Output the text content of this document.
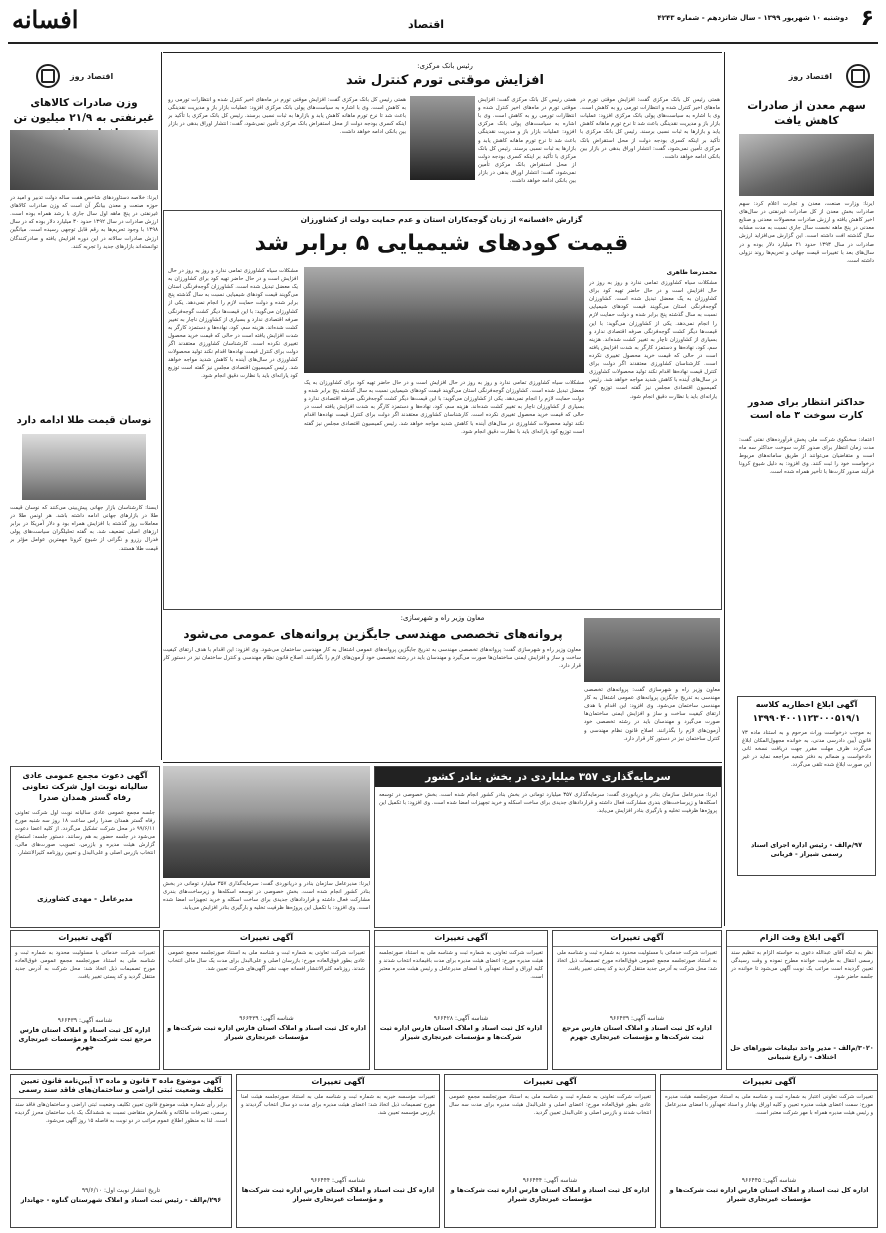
۶
دوشنبه ۱۰ شهریور ۱۳۹۹ - سال شانزدهم - شماره ۴۲۴۳
اقتصاد
افسانه
اقتصاد روز
سهم معدن از صادرات کاهش یافت
ایرنا: وزارت صنعت، معدن و تجارت اعلام کرد: سهم صادرات بخش معدن از کل صادرات غیرنفتی در سال‌های اخیر کاهش یافته و ارزش صادرات محصولات معدنی و صنایع معدنی در پنج ماهه نخست سال جاری نسبت به مدت مشابه سال گذشته افت داشته است. این گزارش می‌افزاید ارزش صادرات در سال ۱۳۹۳ حدود ۲۱ میلیارد دلار بوده و در سال‌های بعد با تغییرات قیمت جهانی و تحریم‌ها روند نزولی داشته است.
حداکثر انتظار برای صدور کارت سوخت ۳ ماه است
اعتماد: سخنگوی شرکت ملی پخش فرآورده‌های نفتی گفت: مدت زمان انتظار برای صدور کارت سوخت حداکثر سه ماه است و متقاضیان می‌توانند از طریق سامانه‌های مربوط درخواست خود را ثبت کنند. وی افزود: به دلیل شیوع کرونا فرآیند صدور کارت‌ها با تأخیر همراه شده است.
آگهی ابلاغ اخطاریه کلاسه
۱۳۹۹۰۴۰۰۱۱۲۳۰۰۰۵۱۹/۱
به موجب درخواست وراث مرحوم و به استناد ماده ۷۳ قانون آیین دادرسی مدنی، به خوانده مجهول‌المکان ابلاغ می‌گردد ظرف مهلت مقرر جهت دریافت نسخه ثانی دادخواست و ضمائم به دفتر شعبه مراجعه نماید در غیر این صورت ابلاغ شده تلقی می‌گردد.
۹۷/م‌الف - رئیس اداره اجرای اسناد رسمی شیراز - قربانی
رئیس بانک مرکزی:
افزایش موقتی تورم کنترل شد
همتی رئیس کل بانک مرکزی گفت: افزایش موقتی تورم در ماه‌های اخیر کنترل شده و انتظارات تورمی رو به کاهش است. وی با اشاره به سیاست‌های پولی بانک مرکزی افزود: عملیات بازار باز و مدیریت نقدینگی باعث شد تا نرخ تورم ماهانه کاهش یابد و بازارها به ثبات نسبی برسند. رئیس کل بانک مرکزی با تأکید بر اینکه کسری بودجه دولت از محل استقراض بانک مرکزی تأمین نمی‌شود، گفت: انتشار اوراق بدهی در بازار بین بانکی ادامه خواهد داشت.
همتی رئیس کل بانک مرکزی گفت: افزایش موقتی تورم در ماه‌های اخیر کنترل شده و انتظارات تورمی رو به کاهش است. وی با اشاره به سیاست‌های پولی بانک مرکزی افزود: عملیات بازار باز و مدیریت نقدینگی باعث شد تا نرخ تورم ماهانه کاهش یابد و بازارها به ثبات نسبی برسند. رئیس کل بانک مرکزی با تأکید بر اینکه کسری بودجه دولت از محل استقراض بانک مرکزی تأمین نمی‌شود، گفت: انتشار اوراق بدهی در بازار بین بانکی ادامه خواهد داشت.
همتی رئیس کل بانک مرکزی گفت: افزایش موقتی تورم در ماه‌های اخیر کنترل شده و انتظارات تورمی رو به کاهش است. وی با اشاره به سیاست‌های پولی بانک مرکزی افزود: عملیات بازار باز و مدیریت نقدینگی باعث شد تا نرخ تورم ماهانه کاهش یابد و بازارها به ثبات نسبی برسند. رئیس کل بانک مرکزی با تأکید بر اینکه کسری بودجه دولت از محل استقراض بانک مرکزی تأمین نمی‌شود، گفت: انتشار اوراق بدهی در بازار بین بانکی ادامه خواهد داشت.
اقتصاد روز
وزن صادرات کالاهای غیرنفتی به ۲۱/۹ میلیون تن
ایرنا: خلاصه دستاوردهای شاخص هفت ساله دولت تدبیر و امید در حوزه صنعت و معدن بیانگر آن است که وزن صادرات کالاهای غیرنفتی در پنج ماهه اول سال جاری با رشد همراه بوده است. ارزش صادرات در سال ۱۳۹۲ حدود ۳۰ میلیارد دلار بوده که در سال ۱۳۹۸ با وجود تحریم‌ها به رقم قابل توجهی رسیده است. میانگین ارزش صادرات سالانه در این دوره افزایش یافته و صادرکنندگان توانسته‌اند بازارهای جدید را تجربه کنند.
نوسان قیمت طلا ادامه دارد
ایسنا: کارشناسان بازار جهانی پیش‌بینی می‌کنند که نوسان قیمت طلا در بازارهای جهانی ادامه داشته باشد. هر اونس طلا در معاملات روز گذشته با افزایش همراه بود و دلار آمریکا در برابر ارزهای اصلی تضعیف شد. به گفته تحلیلگران سیاست‌های پولی فدرال رزرو و نگرانی از شیوع کرونا مهمترین عوامل مؤثر بر قیمت طلا هستند.
گزارش «افسانه» از زبان گوجه‌کاران استان و عدم حمایت دولت از کشاورزان
قیمت کودهای شیمیایی ۵ برابر شد
محمدرضا طاهری
مشکلات سیاه کشاورزی تمامی ندارد و روز به روز در حال افزایش است و در حال حاضر تهیه کود برای کشاورزان به یک معضل تبدیل شده است. کشاورزان گوجه‌فرنگی استان می‌گویند قیمت کودهای شیمیایی نسبت به سال گذشته پنج برابر شده و دولت حمایت لازم را انجام نمی‌دهد. یکی از کشاورزان می‌گوید: با این قیمت‌ها دیگر کشت گوجه‌فرنگی صرفه اقتصادی ندارد و بسیاری از کشاورزان ناچار به تغییر کشت شده‌اند. هزینه سم، کود، نهاده‌ها و دستمزد کارگر به شدت افزایش یافته است در حالی که قیمت خرید محصول تغییری نکرده است. کارشناسان کشاورزی معتقدند اگر دولت برای کنترل قیمت نهاده‌ها اقدام نکند تولید محصولات کشاورزی در سال‌های آینده با کاهش شدید مواجه خواهد شد. رئیس کمیسیون اقتصادی مجلس نیز گفته است توزیع کود یارانه‌ای باید با نظارت دقیق انجام شود.
مشکلات سیاه کشاورزی تمامی ندارد و روز به روز در حال افزایش است و در حال حاضر تهیه کود برای کشاورزان به یک معضل تبدیل شده است. کشاورزان گوجه‌فرنگی استان می‌گویند قیمت کودهای شیمیایی نسبت به سال گذشته پنج برابر شده و دولت حمایت لازم را انجام نمی‌دهد. یکی از کشاورزان می‌گوید: با این قیمت‌ها دیگر کشت گوجه‌فرنگی صرفه اقتصادی ندارد و بسیاری از کشاورزان ناچار به تغییر کشت شده‌اند. هزینه سم، کود، نهاده‌ها و دستمزد کارگر به شدت افزایش یافته است در حالی که قیمت خرید محصول تغییری نکرده است. کارشناسان کشاورزی معتقدند اگر دولت برای کنترل قیمت نهاده‌ها اقدام نکند تولید محصولات کشاورزی در سال‌های آینده با کاهش شدید مواجه خواهد شد. رئیس کمیسیون اقتصادی مجلس نیز گفته است توزیع کود یارانه‌ای باید با نظارت دقیق انجام شود.
مشکلات سیاه کشاورزی تمامی ندارد و روز به روز در حال افزایش است و در حال حاضر تهیه کود برای کشاورزان به یک معضل تبدیل شده است. کشاورزان گوجه‌فرنگی استان می‌گویند قیمت کودهای شیمیایی نسبت به سال گذشته پنج برابر شده و دولت حمایت لازم را انجام نمی‌دهد. یکی از کشاورزان می‌گوید: با این قیمت‌ها دیگر کشت گوجه‌فرنگی صرفه اقتصادی ندارد و بسیاری از کشاورزان ناچار به تغییر کشت شده‌اند. هزینه سم، کود، نهاده‌ها و دستمزد کارگر به شدت افزایش یافته است در حالی که قیمت خرید محصول تغییری نکرده است. کارشناسان کشاورزی معتقدند اگر دولت برای کنترل قیمت نهاده‌ها اقدام نکند تولید محصولات کشاورزی در سال‌های آینده با کاهش شدید مواجه خواهد شد. رئیس کمیسیون اقتصادی مجلس نیز گفته است توزیع کود یارانه‌ای باید با نظارت دقیق انجام شود.
معاون وزیر راه و شهرسازی:
پروانه‌های تخصصی مهندسی جایگزین پروانه‌های عمومی می‌شود
معاون وزیر راه و شهرسازی گفت: پروانه‌های تخصصی مهندسی به تدریج جایگزین پروانه‌های عمومی اشتغال به کار مهندسی ساختمان می‌شود. وی افزود: این اقدام با هدف ارتقای کیفیت ساخت و ساز و افزایش ایمنی ساختمان‌ها صورت می‌گیرد و مهندسان باید در رشته تخصصی خود آزمون‌های لازم را بگذرانند. اصلاح قانون نظام مهندسی و کنترل ساختمان نیز در دستور کار قرار دارد.
معاون وزیر راه و شهرسازی گفت: پروانه‌های تخصصی مهندسی به تدریج جایگزین پروانه‌های عمومی اشتغال به کار مهندسی ساختمان می‌شود. وی افزود: این اقدام با هدف ارتقای کیفیت ساخت و ساز و افزایش ایمنی ساختمان‌ها صورت می‌گیرد و مهندسان باید در رشته تخصصی خود آزمون‌های لازم را بگذرانند. اصلاح قانون نظام مهندسی و کنترل ساختمان نیز در دستور کار قرار دارد.
سرمایه‌گذاری ۳۵۷ میلیاردی در بخش بنادر کشور
ایرنا: مدیرعامل سازمان بنادر و دریانوردی گفت: سرمایه‌گذاری ۳۵۷ میلیارد تومانی در بخش بنادر کشور انجام شده است. بخش خصوصی در توسعه اسکله‌ها و زیرساخت‌های بندری مشارکت فعال داشته و قراردادهای جدیدی برای ساخت اسکله و خرید تجهیزات امضا شده است. وی افزود: با تکمیل این پروژه‌ها ظرفیت تخلیه و بارگیری بنادر افزایش می‌یابد.
ایرنا: مدیرعامل سازمان بنادر و دریانوردی گفت: سرمایه‌گذاری ۳۵۷ میلیارد تومانی در بخش بنادر کشور انجام شده است. بخش خصوصی در توسعه اسکله‌ها و زیرساخت‌های بندری مشارکت فعال داشته و قراردادهای جدیدی برای ساخت اسکله و خرید تجهیزات امضا شده است. وی افزود: با تکمیل این پروژه‌ها ظرفیت تخلیه و بارگیری بنادر افزایش می‌یابد.
آگهی دعوت مجمع عمومی عادی سالیانه نوبت اول شرکت تعاونی رفاه گستر همدان صدرا
جلسه مجمع عمومی عادی سالیانه نوبت اول شرکت تعاونی رفاه گستر همدان صدرا راس ساعت ۱۸ روز سه شنبه مورخ ۹۹/۶/۱۱ در محل شرکت تشکیل می‌گردد. از کلیه اعضا دعوت می‌شود در جلسه حضور به هم رسانند. دستور جلسه: استماع گزارش هیئت مدیره و بازرس، تصویب صورت‌های مالی، انتخاب بازرس اصلی و علی‌البدل و تعیین روزنامه کثیرالانتشار.
مدیرعامل - مهدی کشاورزی
آگهی ابلاغ وقت الزام
نظر به اینکه آقای عبدالله دعوی به خواسته الزام به تنظیم سند رسمی انتقال به طرفیت خوانده مطرح نموده و وقت رسیدگی تعیین گردیده است مراتب یک نوبت آگهی می‌شود تا خوانده در جلسه حاضر شود.
۳۰۲۰/م‌الف - مدیر واحد تبلیغات شوراهای حل اختلاف - زارع شیبانی
آگهی تغییرات
تغییرات شرکت خدماتی با مسئولیت محدود به شماره ثبت و شناسه ملی به استناد صورتجلسه مجمع عمومی فوق‌العاده مورخ تصمیمات ذیل اتخاذ شد: محل شرکت به آدرس جدید منتقل گردید و کد پستی تغییر یافت.
شناسه آگهی: ۹۶۶۴۳۹
اداره کل ثبت اسناد و املاک استان فارس مرجع ثبت شرکت‌ها و مؤسسات غیرتجاری جهرم
آگهی تغییرات
تغییرات شرکت تعاونی به شماره ثبت و شناسه ملی به استناد صورتجلسه هیئت مدیره مورخ: اعضای هیئت مدیره برای مدت باقیمانده انتخاب شدند و کلیه اوراق و اسناد تعهدآور با امضای مدیرعامل و رئیس هیئت مدیره معتبر است.
شناسه آگهی: ۹۶۶۴۲۸
اداره کل ثبت اسناد و املاک استان فارس اداره ثبت شرکت‌ها و مؤسسات غیرتجاری شیراز
آگهی تغییرات
تغییرات شرکت تعاونی به شماره ثبت و شناسه ملی به استناد صورتجلسه مجمع عمومی عادی بطور فوق‌العاده مورخ: بازرسان اصلی و علی‌البدل برای مدت یک سال مالی انتخاب شدند. روزنامه کثیرالانتشار افسانه جهت نشر آگهی‌های شرکت تعیین شد.
شناسه آگهی: ۹۶۶۴۳۹
اداره کل ثبت اسناد و املاک استان فارس اداره ثبت شرکت‌ها و مؤسسات غیرتجاری شیراز
آگهی تغییرات
تغییرات شرکت خدماتی با مسئولیت محدود به شماره ثبت و شناسه ملی به استناد صورتجلسه مجمع عمومی فوق‌العاده مورخ تصمیمات ذیل اتخاذ شد: محل شرکت به آدرس جدید منتقل گردید و کد پستی تغییر یافت.
شناسه آگهی: ۹۶۶۴۳۹
اداره کل ثبت اسناد و املاک استان فارس مرجع ثبت شرکت‌ها و مؤسسات غیرتجاری جهرم
آگهی موضوع ماده ۳ قانون و ماده ۱۳ آیین‌نامه قانون تعیین تکلیف وضعیت ثبتی اراضی و ساختمان‌های فاقد سند رسمی
برابر رأی شماره هیئت موضوع قانون تعیین تکلیف وضعیت ثبتی اراضی و ساختمان‌های فاقد سند رسمی، تصرفات مالکانه و بلامعارض متقاضی نسبت به ششدانگ یک باب ساختمان محرز گردیده است. لذا به منظور اطلاع عموم مراتب در دو نوبت به فاصله ۱۵ روز آگهی می‌شود.
تاریخ انتشار نوبت اول: ۹۹/۶/۱۰
۲۹۶/م‌الف - رئیس ثبت اسناد و املاک شهرستان گناوه - جهانداز
آگهی تغییرات
تغییرات مؤسسه خیریه به شماره ثبت و شناسه ملی به استناد صورتجلسه هیئت امنا مورخ تصمیمات ذیل اتخاذ شد: اعضای هیئت مدیره برای مدت دو سال انتخاب گردیدند و بازرس مؤسسه تعیین شد.
شناسه آگهی: ۹۶۶۴۴۴
اداره کل ثبت اسناد و املاک استان فارس اداره ثبت شرکت‌ها و مؤسسات غیرتجاری شیراز
آگهی تغییرات
تغییرات شرکت تعاونی به شماره ثبت و شناسه ملی به استناد صورتجلسه مجمع عمومی عادی بطور فوق‌العاده مورخ: اعضای اصلی و علی‌البدل هیئت مدیره برای مدت سه سال انتخاب شدند و بازرس اصلی و علی‌البدل تعیین گردید.
شناسه آگهی: ۹۶۶۴۴۴
اداره کل ثبت اسناد و املاک استان فارس اداره ثبت شرکت‌ها و مؤسسات غیرتجاری شیراز
آگهی تغییرات
تغییرات شرکت تعاونی اعتبار به شماره ثبت و شناسه ملی به استناد صورتجلسه هیئت مدیره مورخ: سمت اعضای هیئت مدیره تعیین و کلیه اوراق بهادار و اسناد تعهدآور با امضای مدیرعامل و رئیس هیئت مدیره همراه با مهر شرکت معتبر است.
شناسه آگهی: ۹۶۶۴۴۵
اداره کل ثبت اسناد و املاک استان فارس اداره ثبت شرکت‌ها و مؤسسات غیرتجاری شیراز
